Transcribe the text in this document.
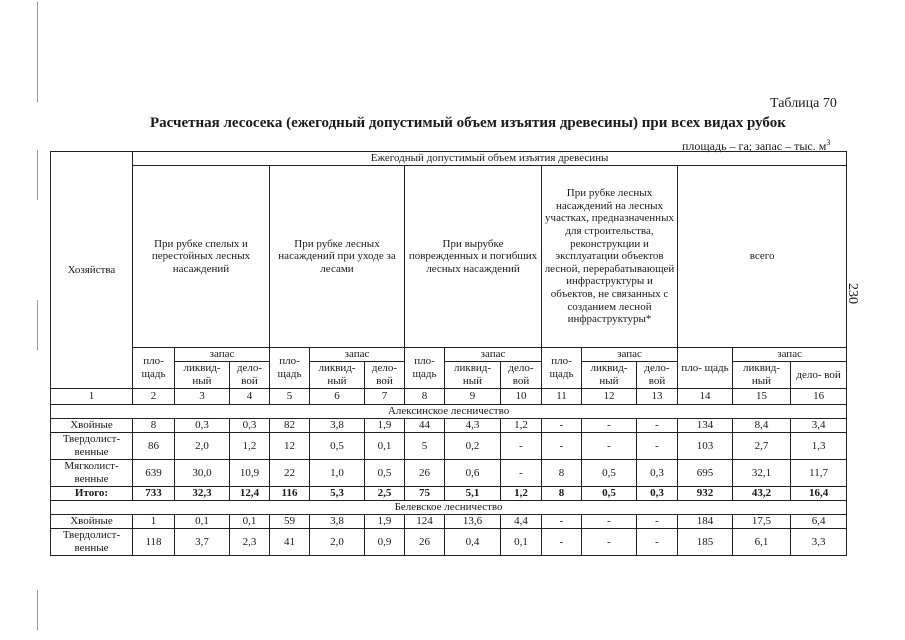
Таблица 70
Расчетная лесосека (ежегодный допустимый объем изъятия древесины) при всех видах рубок
площадь – га; запас – тыс. $м^3$
230
Хозяйства	Ежегодный допустимый объем изъятия древесины														
	При рубке спелых и перестойных лесных насаждений			При рубке лесных насаждений при уходе за лесами			При вырубке поврежденных и погибших лесных насаждений			При рубке лесных насаждений на лесных участках, предназначенных для строительства, реконструкции и эксплуатации объектов лесной, перерабатывающей инфраструктуры и объектов, не связанных с созданием лесной инфраструктуры*			всего		
	пло- щадь	запас		пло- щадь	запас		пло- щадь	запас		пло- щадь	запас		пло- щадь	запас	
		ликвид- ный	дело- вой		ликвид- ный	дело- вой		ликвид- ный	дело- вой		ликвид- ный	дело- вой		ликвид- ный	дело- вой
1	2	3	4	5	6	7	8	9	10	11	12	13	14	15	16
Алексинское лесничество															
Хвойные	8	0,3	0,3	82	3,8	1,9	44	4,3	1,2	-	-	-	134	8,4	3,4
Твердолист- венные	86	2,0	1,2	12	0,5	0,1	5	0,2	-	-	-	-	103	2,7	1,3
Мягколист- венные	639	30,0	10,9	22	1,0	0,5	26	0,6	-	8	0,5	0,3	695	32,1	11,7
Итого:	733	32,3	12,4	116	5,3	2,5	75	5,1	1,2	8	0,5	0,3	932	43,2	16,4
Белевское лесничество															
Хвойные	1	0,1	0,1	59	3,8	1,9	124	13,6	4,4	-	-	-	184	17,5	6,4
Твердолист- венные	118	3,7	2,3	41	2,0	0,9	26	0,4	0,1	-	-	-	185	6,1	3,3
